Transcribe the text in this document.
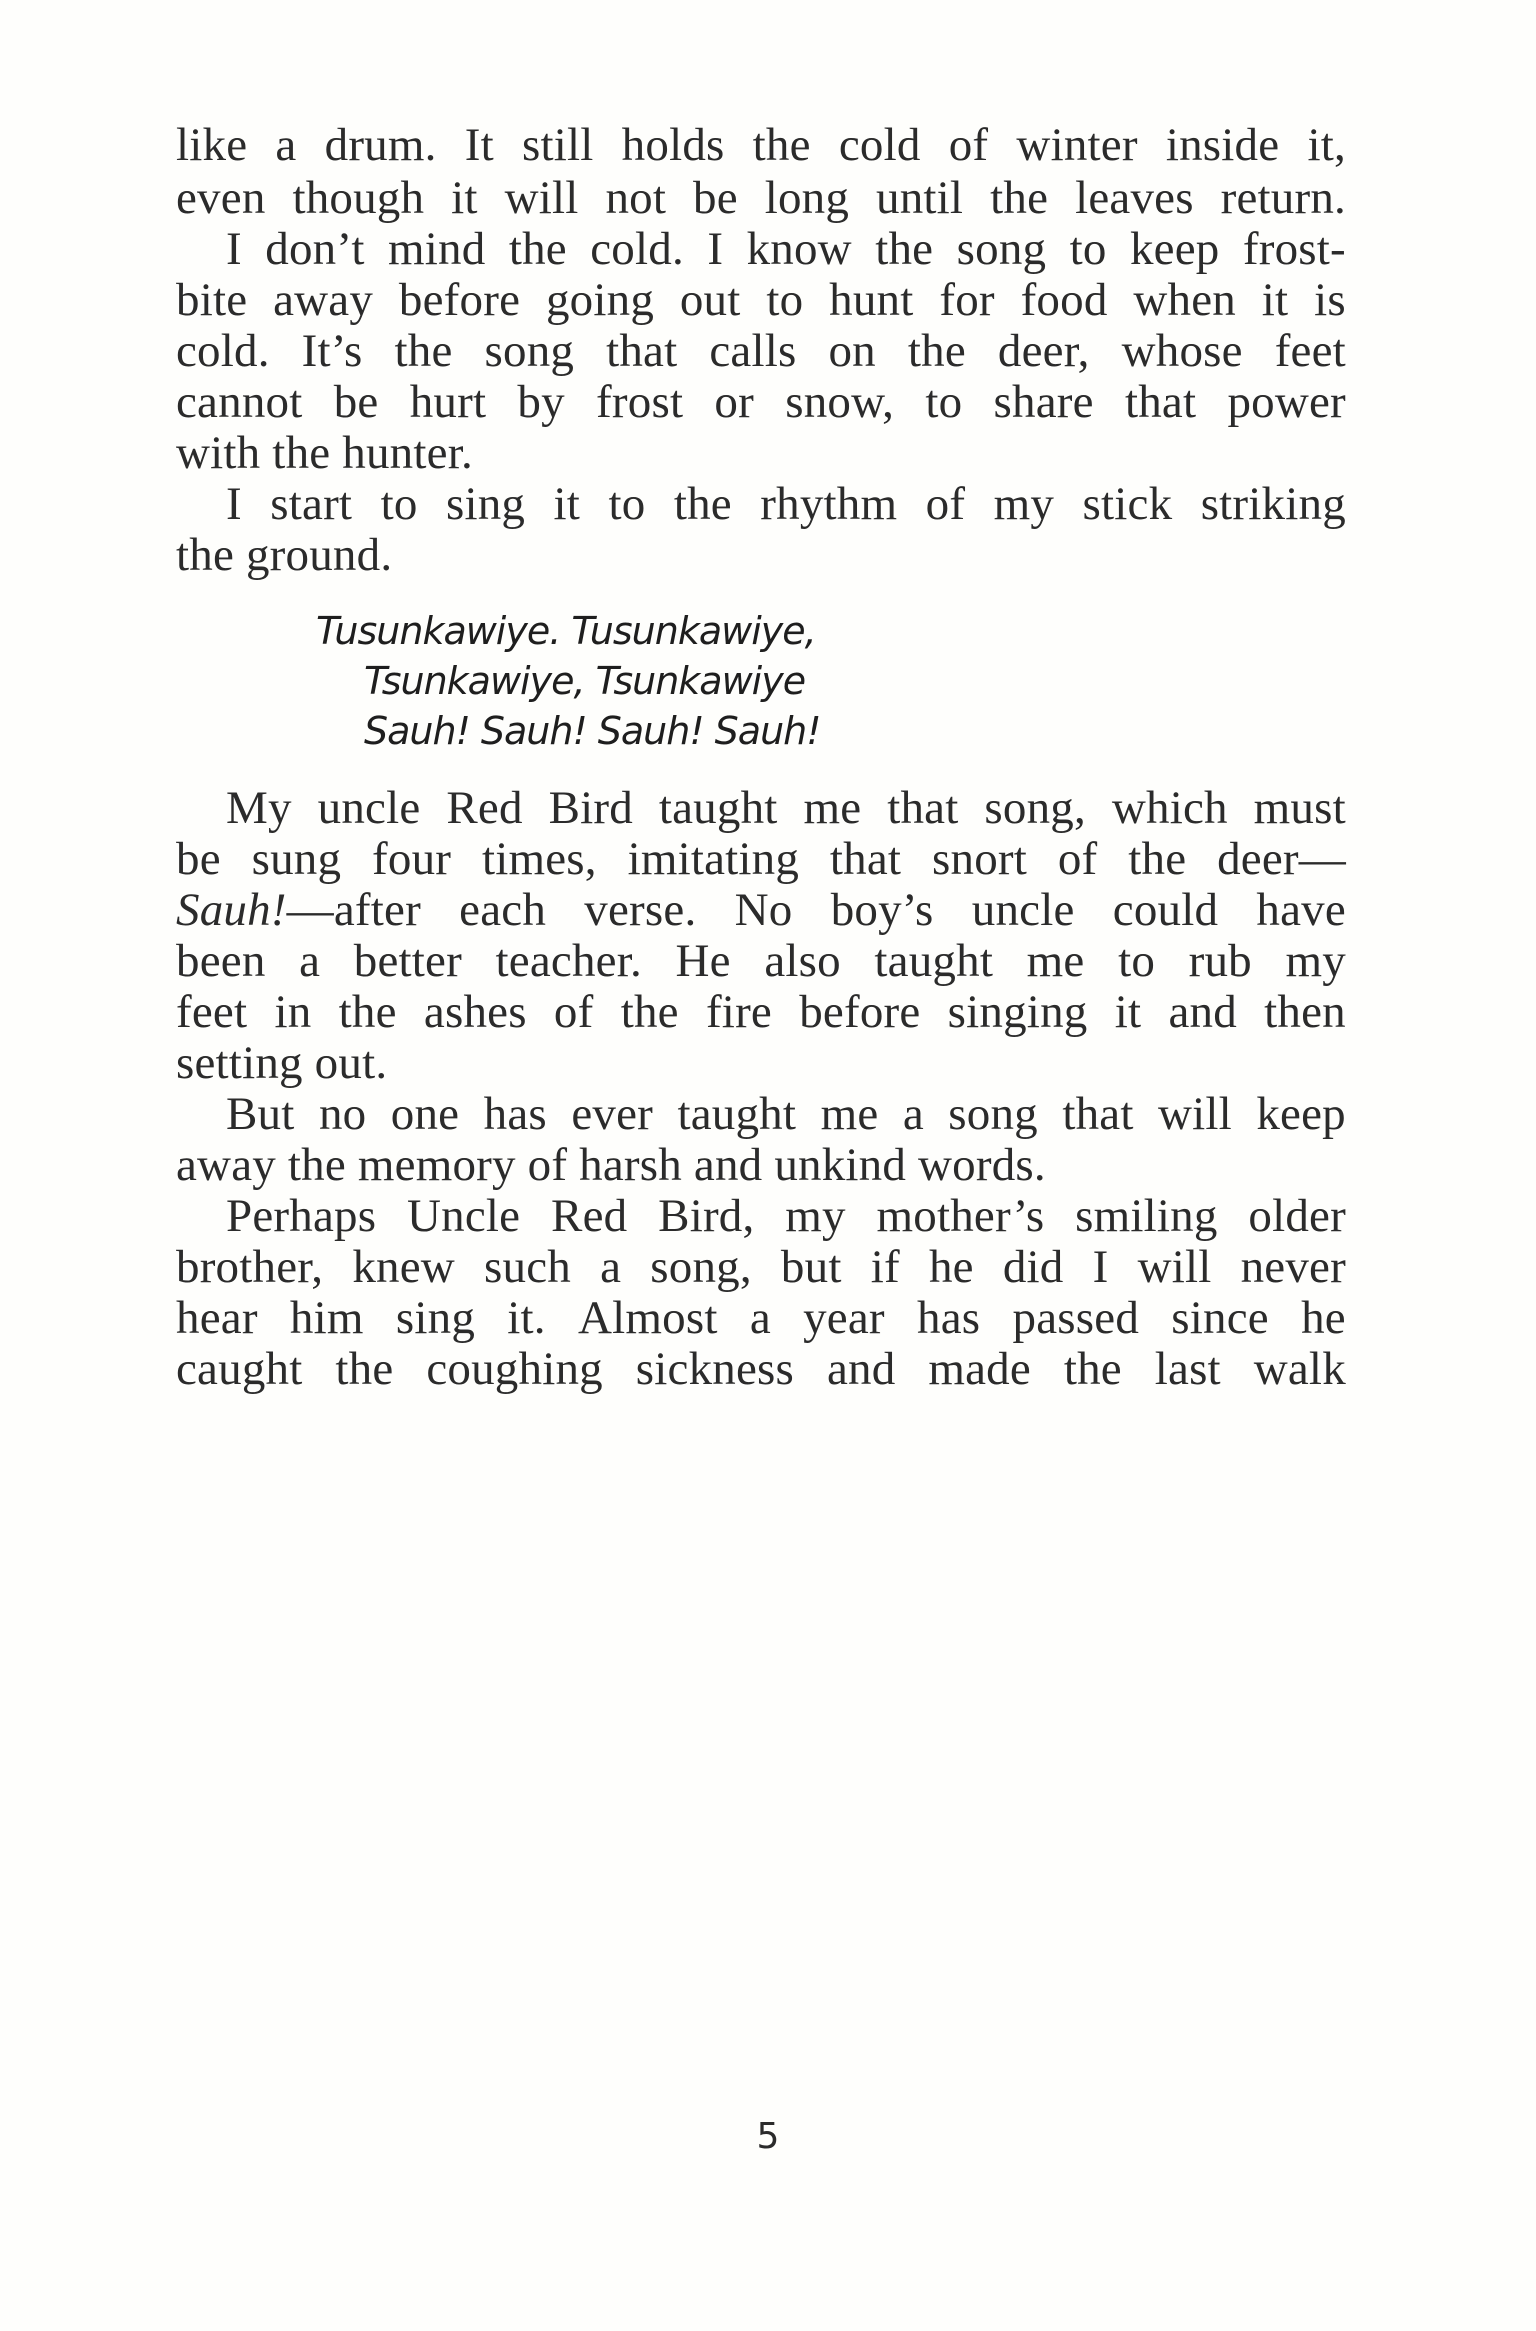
like a drum. It still holds the cold of winter inside it,
even though it will not be long until the leaves return.
I don’t mind the cold. I know the song to keep frost-
bite away before going out to hunt for food when it is
cold. It’s the song that calls on the deer, whose feet
cannot be hurt by frost or snow, to share that power
with the hunter.
I start to sing it to the rhythm of my stick striking
the ground.
Tusunkawiye. Tusunkawiye,
Tsunkawiye, Tsunkawiye
Sauh! Sauh! Sauh! Sauh!
My uncle Red Bird taught me that song, which must
be sung four times, imitating that snort of the deer—
Sauh!—after each verse. No boy’s uncle could have
been a better teacher. He also taught me to rub my
feet in the ashes of the fire before singing it and then
setting out.
But no one has ever taught me a song that will keep
away the memory of harsh and unkind words.
Perhaps Uncle Red Bird, my mother’s smiling older
brother, knew such a song, but if he did I will never
hear him sing it. Almost a year has passed since he
caught the coughing sickness and made the last walk
5
